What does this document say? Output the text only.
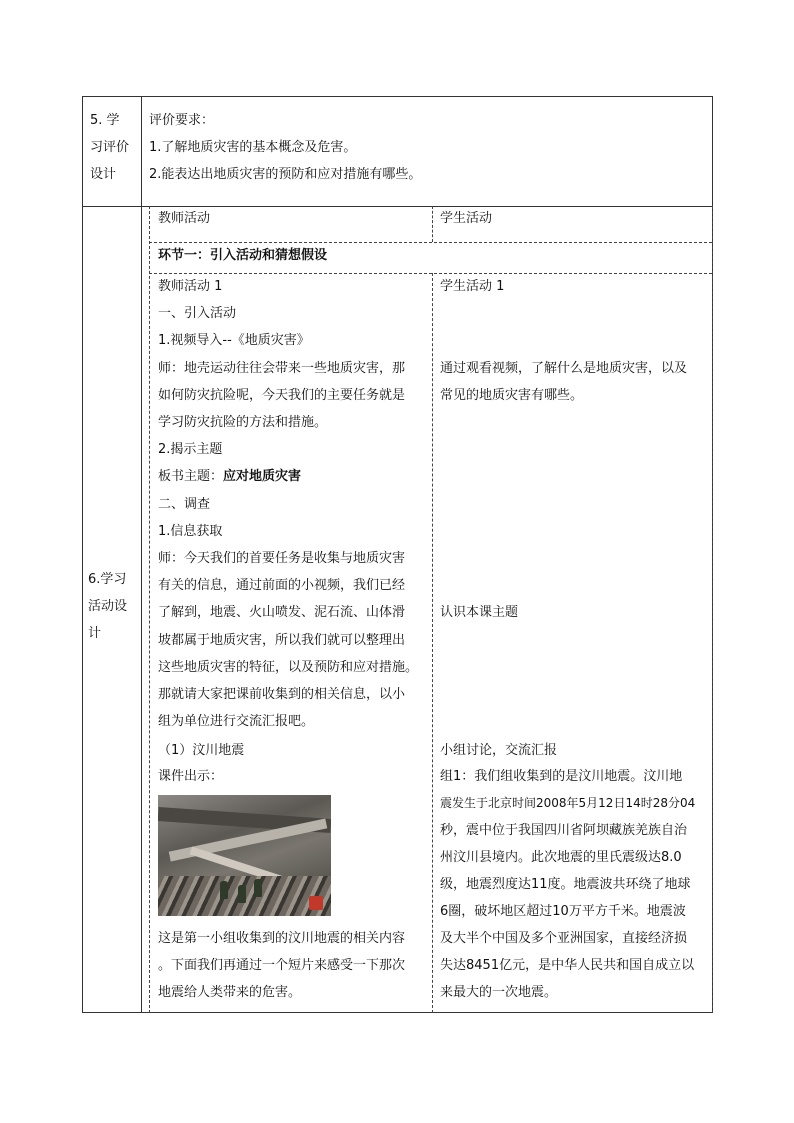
5. 学
习评价
设计
评价要求：
1.了解地质灾害的基本概念及危害。
2.能表达出地质灾害的预防和应对措施有哪些。
6.学习
活动设
计
教师活动	学生活动
环节一：引入活动和猜想假设
教师活动 1
一、引入活动
1.视频导入--《地质灾害》
师：地壳运动往往会带来一些地质灾害，那
如何防灾抗险呢，今天我们的主要任务就是
学习防灾抗险的方法和措施。
2.揭示主题
板书主题：应对地质灾害
二、调查
1.信息获取
师：今天我们的首要任务是收集与地质灾害
有关的信息，通过前面的小视频，我们已经
了解到，地震、火山喷发、泥石流、山体滑
坡都属于地质灾害，所以我们就可以整理出
这些地质灾害的特征，以及预防和应对措施。
那就请大家把课前收集到的相关信息，以小
组为单位进行交流汇报吧。
（1）汶川地震
课件出示：
这是第一小组收集到的汶川地震的相关内容
。下面我们再通过一个短片来感受一下那次
地震给人类带来的危害。
学生活动 1
通过观看视频，了解什么是地质灾害，以及
常见的地质灾害有哪些。
认识本课主题
小组讨论，交流汇报
组1：我们组收集到的是汶川地震。汶川地
震发生于北京时间2008年5月12日14时28分04
秒，震中位于我国四川省阿坝藏族羌族自治
州汶川县境内。此次地震的里氏震级达8.0
级，地震烈度达11度。地震波共环绕了地球
6圈，破坏地区超过10万平方千米。地震波
及大半个中国及多个亚洲国家，直接经济损
失达8451亿元，是中华人民共和国自成立以
来最大的一次地震。
